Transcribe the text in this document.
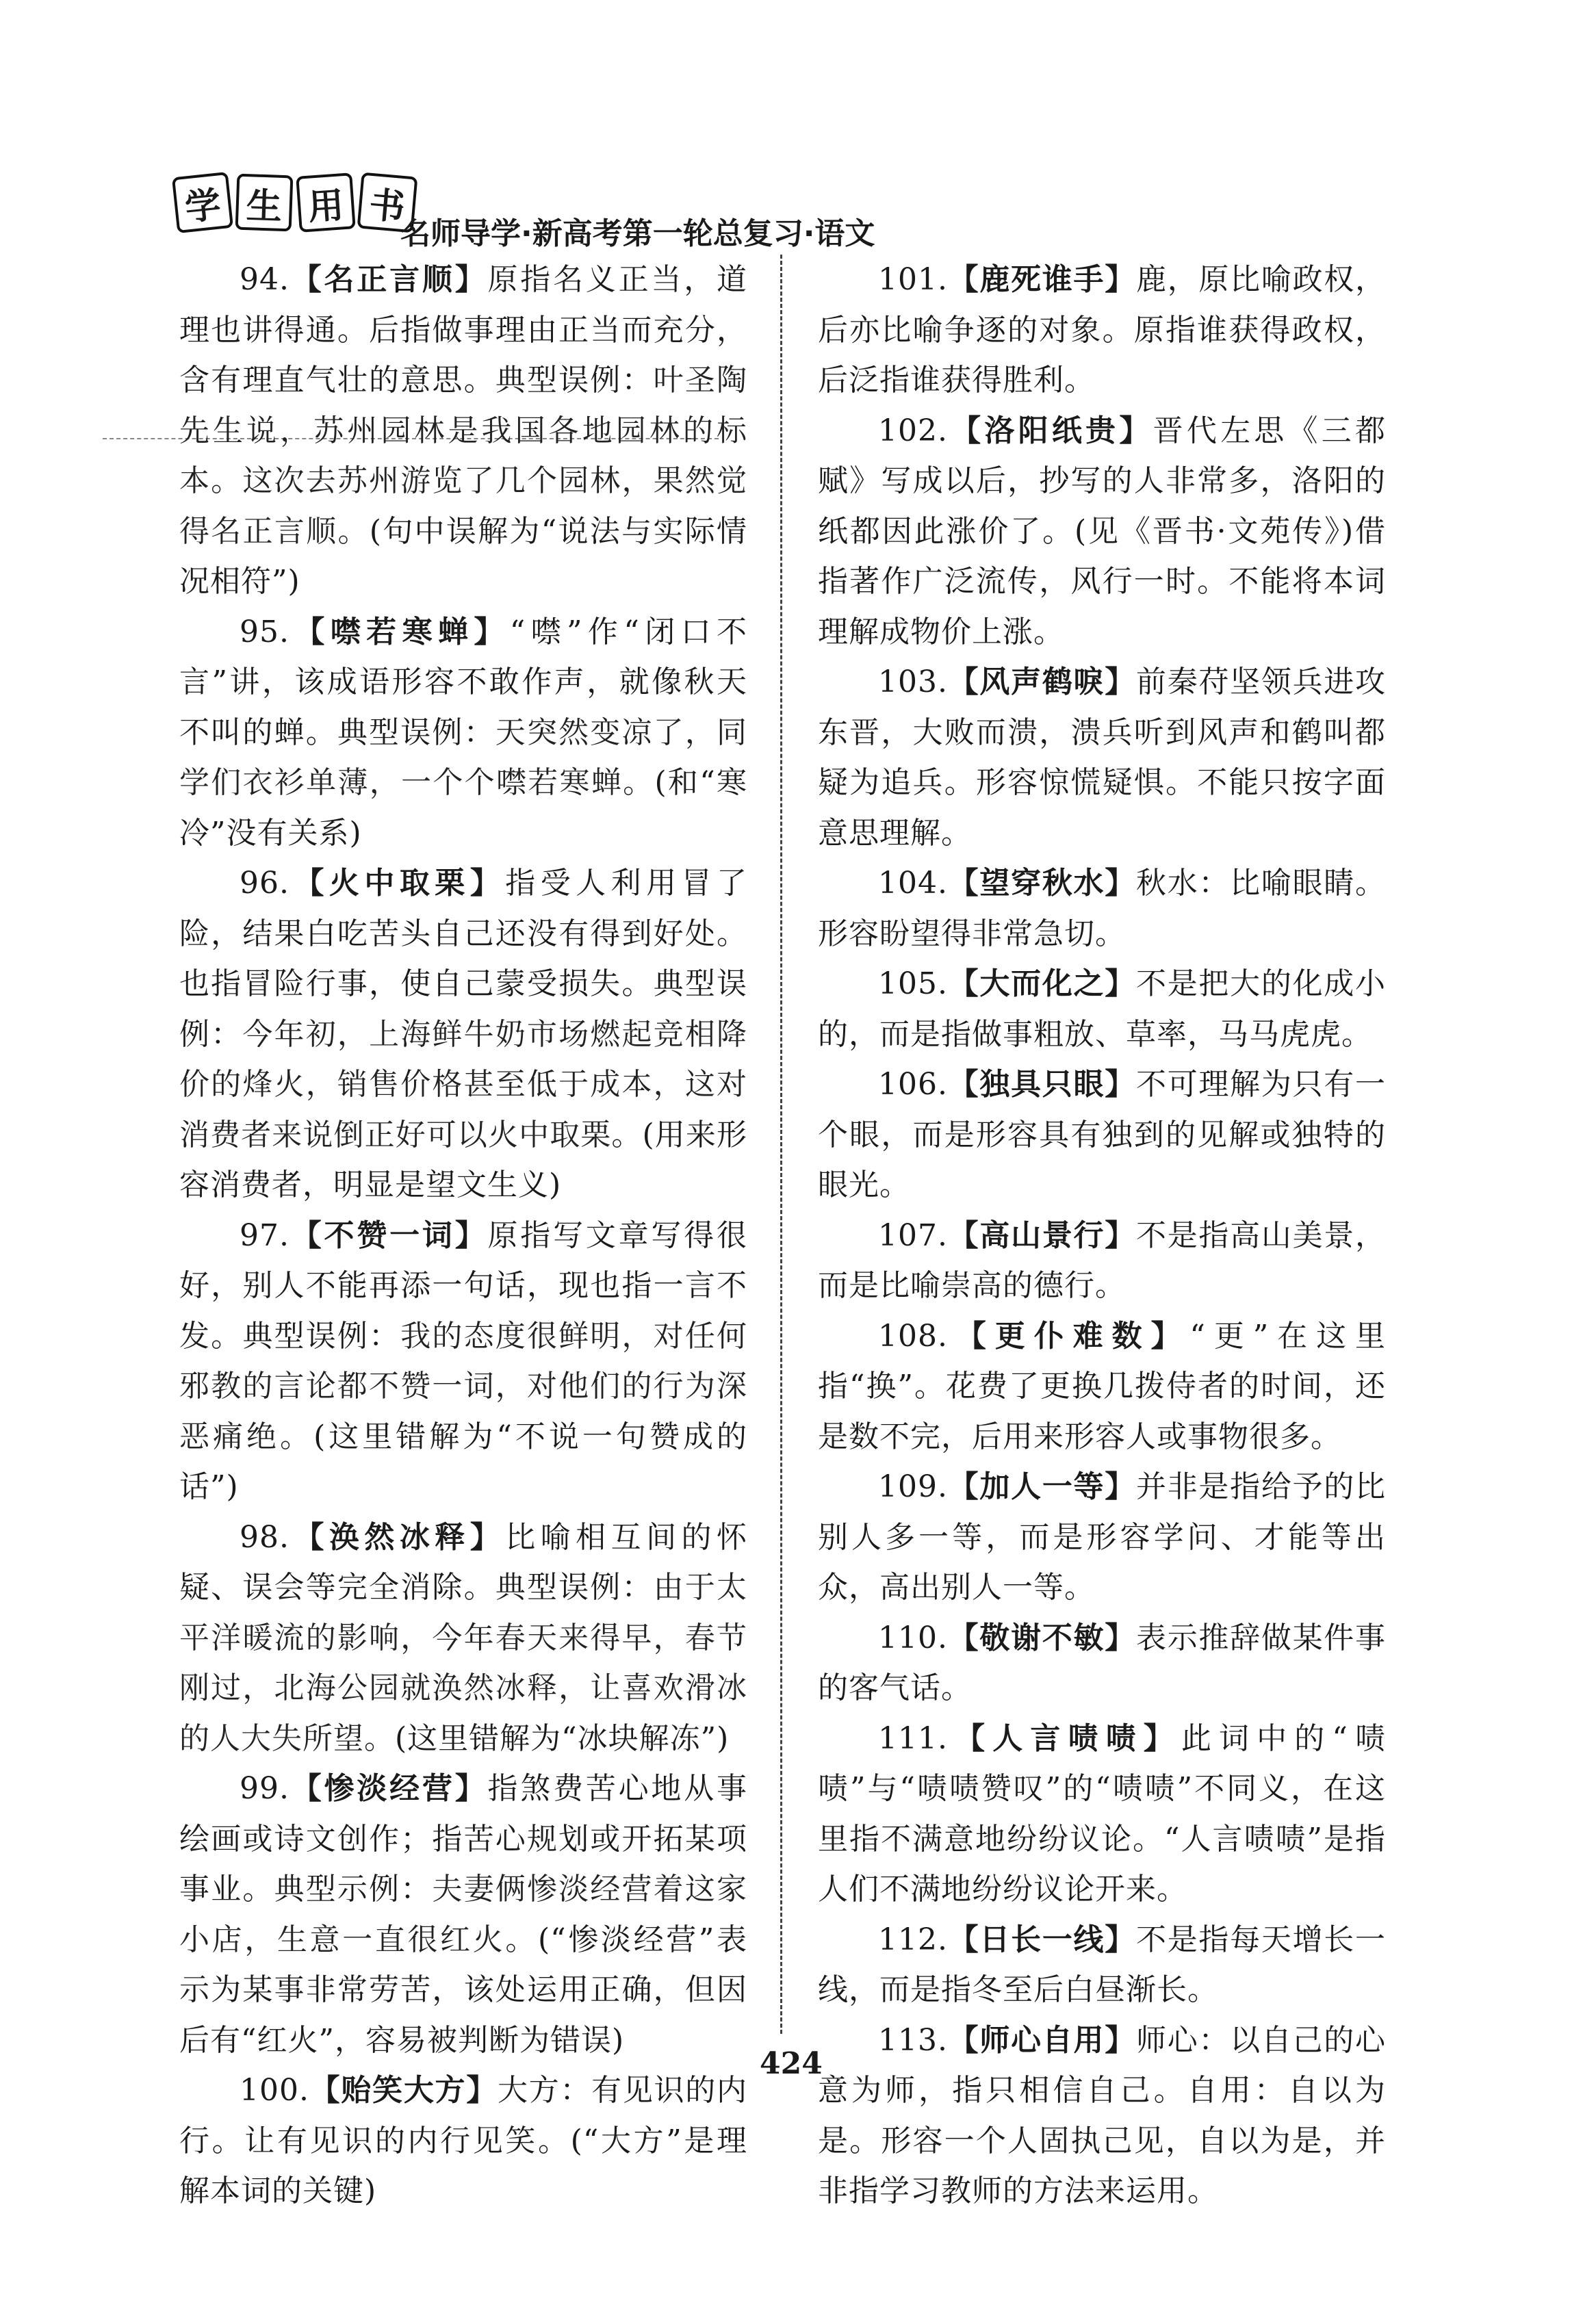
学 生 用 书
名师导学·新高考第一轮总复习·语文

94.【名正言顺】原指名义正当，道理也讲得通。后指做事理由正当而充分，含有理直气壮的意思。典型误例：叶圣陶先生说，苏州园林是我国各地园林的标本。这次去苏州游览了几个园林，果然觉得名正言顺。(句中误解为“说法与实际情况相符”)

95.【噤若寒蝉】“噤”作“闭口不言”讲，该成语形容不敢作声，就像秋天不叫的蝉。典型误例：天突然变凉了，同学们衣衫单薄，一个个噤若寒蝉。(和“寒冷”没有关系)

96.【火中取栗】指受人利用冒了险，结果白吃苦头自己还没有得到好处。也指冒险行事，使自己蒙受损失。典型误例：今年初，上海鲜牛奶市场燃起竞相降价的烽火，销售价格甚至低于成本，这对消费者来说倒正好可以火中取栗。(用来形容消费者，明显是望文生义)

97.【不赞一词】原指写文章写得很好，别人不能再添一句话，现也指一言不发。典型误例：我的态度很鲜明，对任何邪教的言论都不赞一词，对他们的行为深恶痛绝。(这里错解为“不说一句赞成的话”)

98.【涣然冰释】比喻相互间的怀疑、误会等完全消除。典型误例：由于太平洋暖流的影响，今年春天来得早，春节刚过，北海公园就涣然冰释，让喜欢滑冰的人大失所望。(这里错解为“冰块解冻”)

99.【惨淡经营】指煞费苦心地从事绘画或诗文创作；指苦心规划或开拓某项事业。典型示例：夫妻俩惨淡经营着这家小店，生意一直很红火。(“惨淡经营”表示为某事非常劳苦，该处运用正确，但因后有“红火”，容易被判断为错误)

100.【贻笑大方】大方：有见识的内行。让有见识的内行见笑。(“大方”是理解本词的关键)

101.【鹿死谁手】鹿，原比喻政权，后亦比喻争逐的对象。原指谁获得政权，后泛指谁获得胜利。

102.【洛阳纸贵】晋代左思《三都赋》写成以后，抄写的人非常多，洛阳的纸都因此涨价了。(见《晋书·文苑传》)借指著作广泛流传，风行一时。不能将本词理解成物价上涨。

103.【风声鹤唳】前秦苻坚领兵进攻东晋，大败而溃，溃兵听到风声和鹤叫都疑为追兵。形容惊慌疑惧。不能只按字面意思理解。

104.【望穿秋水】秋水：比喻眼睛。形容盼望得非常急切。

105.【大而化之】不是把大的化成小的，而是指做事粗放、草率，马马虎虎。

106.【独具只眼】不可理解为只有一个眼，而是形容具有独到的见解或独特的眼光。

107.【高山景行】不是指高山美景，而是比喻崇高的德行。

108.【更仆难数】“更”在这里指“换”。花费了更换几拨侍者的时间，还是数不完，后用来形容人或事物很多。

109.【加人一等】并非是指给予的比别人多一等，而是形容学问、才能等出众，高出别人一等。

110.【敬谢不敏】表示推辞做某件事的客气话。

111.【人言啧啧】此词中的“啧啧”与“啧啧赞叹”的“啧啧”不同义，在这里指不满意地纷纷议论。“人言啧啧”是指人们不满地纷纷议论开来。

112.【日长一线】不是指每天增长一线，而是指冬至后白昼渐长。

113.【师心自用】师心：以自己的心意为师，指只相信自己。自用：自以为是。形容一个人固执己见，自以为是，并非指学习教师的方法来运用。

424
